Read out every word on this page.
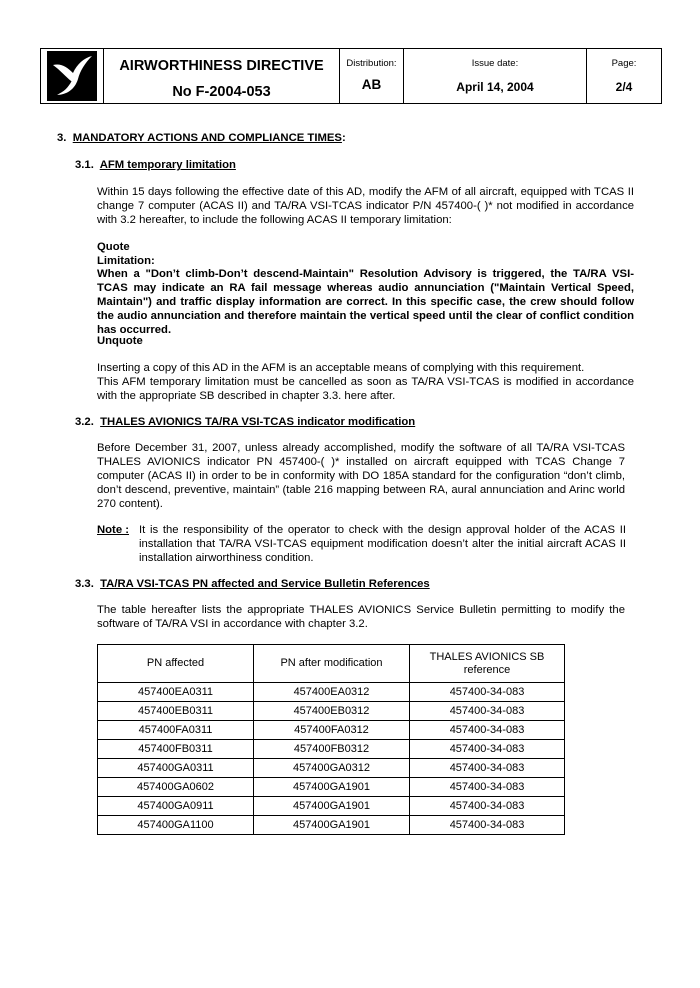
AIRWORTHINESS DIRECTIVE
No F-2004-053
Distribution:
AB
Issue date:
April 14, 2004
Page:
2/4
3. MANDATORY ACTIONS AND COMPLIANCE TIMES:
3.1. AFM temporary limitation
Within 15 days following the effective date of this AD, modify the AFM of all aircraft, equipped with TCAS II change 7 computer (ACAS II) and TA/RA VSI-TCAS indicator P/N 457400-( )* not modified in accordance with 3.2 hereafter, to include the following ACAS II temporary limitation:
Quote
Limitation:
When a "Don’t climb-Don’t descend-Maintain" Resolution Advisory is triggered, the TA/RA VSI-TCAS may indicate an RA fail message whereas audio annunciation ("Maintain Vertical Speed, Maintain") and traffic display information are correct. In this specific case, the crew should follow the audio annunciation and therefore maintain the vertical speed until the clear of conflict condition has occurred.
Unquote
Inserting a copy of this AD in the AFM is an acceptable means of complying with this requirement.
This AFM temporary limitation must be cancelled as soon as TA/RA VSI-TCAS is modified in accordance with the appropriate SB described in chapter 3.3. here after.
3.2. THALES AVIONICS TA/RA VSI-TCAS indicator modification
Before December 31, 2007, unless already accomplished, modify the software of all TA/RA VSI-TCAS THALES AVIONICS indicator PN 457400-( )* installed on aircraft equipped with TCAS Change 7 computer (ACAS II) in order to be in conformity with DO 185A standard for the configuration “don’t climb, don’t descend, preventive, maintain” (table 216 mapping between RA, aural annunciation and Arinc world 270 content).
Note : It is the responsibility of the operator to check with the design approval holder of the ACAS II installation that TA/RA VSI-TCAS equipment modification doesn’t alter the initial aircraft ACAS II installation airworthiness condition.
3.3. TA/RA VSI-TCAS PN affected and Service Bulletin References
The table hereafter lists the appropriate THALES AVIONICS Service Bulletin permitting to modify the software of TA/RA VSI in accordance with chapter 3.2.
PN affected	PN after modification	THALES AVIONICS SB reference
457400EA0311	457400EA0312	457400-34-083
457400EB0311	457400EB0312	457400-34-083
457400FA0311	457400FA0312	457400-34-083
457400FB0311	457400FB0312	457400-34-083
457400GA0311	457400GA0312	457400-34-083
457400GA0602	457400GA1901	457400-34-083
457400GA0911	457400GA1901	457400-34-083
457400GA1100	457400GA1901	457400-34-083
